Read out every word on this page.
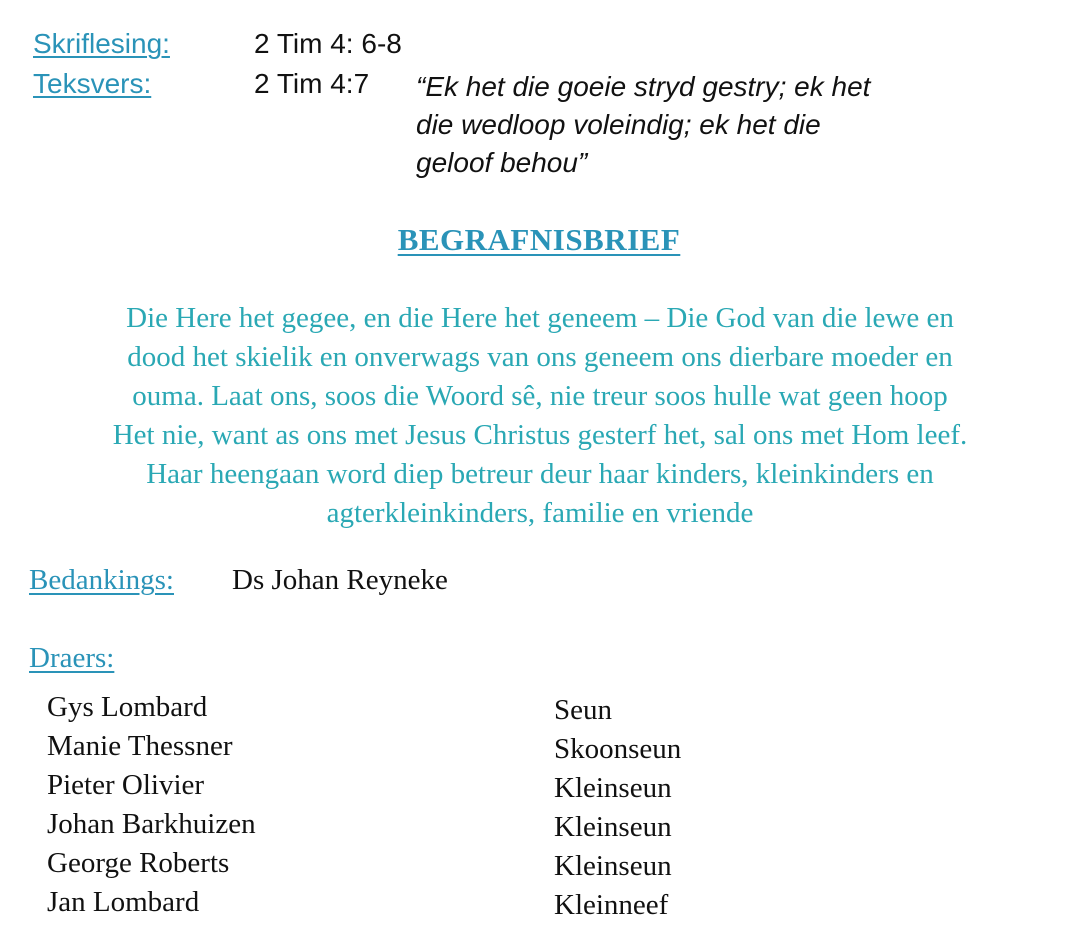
Skriflesing:	2 Tim 4: 6-8
Teksvers:	2 Tim 4:7 “Ek het die goeie stryd gestry; ek het
die wedloop voleindig; ek het die
geloof behou”
BEGRAFNISBRIEF
Die Here het gegee, en die Here het geneem – Die God van die lewe en
dood het skielik en onverwags van ons geneem ons dierbare moeder en
ouma. Laat ons, soos die Woord sê, nie treur soos hulle wat geen hoop
Het nie, want as ons met Jesus Christus gesterf het, sal ons met Hom leef.
Haar heengaan word diep betreur deur haar kinders, kleinkinders en
agterkleinkinders, familie en vriende
Bedankings: Ds Johan Reyneke
Draers:
Gys Lombard	Seun
Manie Thessner	Skoonseun
Pieter Olivier	Kleinseun
Johan Barkhuizen	Kleinseun
George Roberts	Kleinseun
Jan Lombard	Kleinneef
